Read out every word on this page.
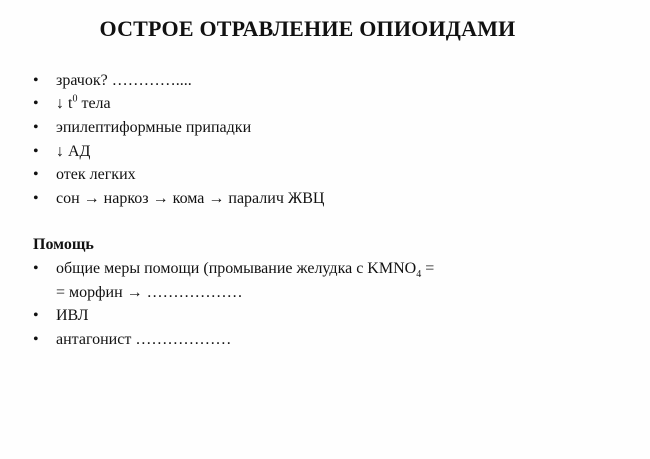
ОСТРОЕ ОТРАВЛЕНИЕ ОПИОИДАМИ
• зрачок? …………....
• ↓ $t^0$ тела
• эпилептиформные припадки
• ↓ АД
• отек легких
• сон → наркоз → кома → паралич ЖВЦ
Помощь
• общие меры помощи (промывание желудка с $KMNO_4$ =
= морфин → ………………
• ИВЛ
• антагонист ………………
